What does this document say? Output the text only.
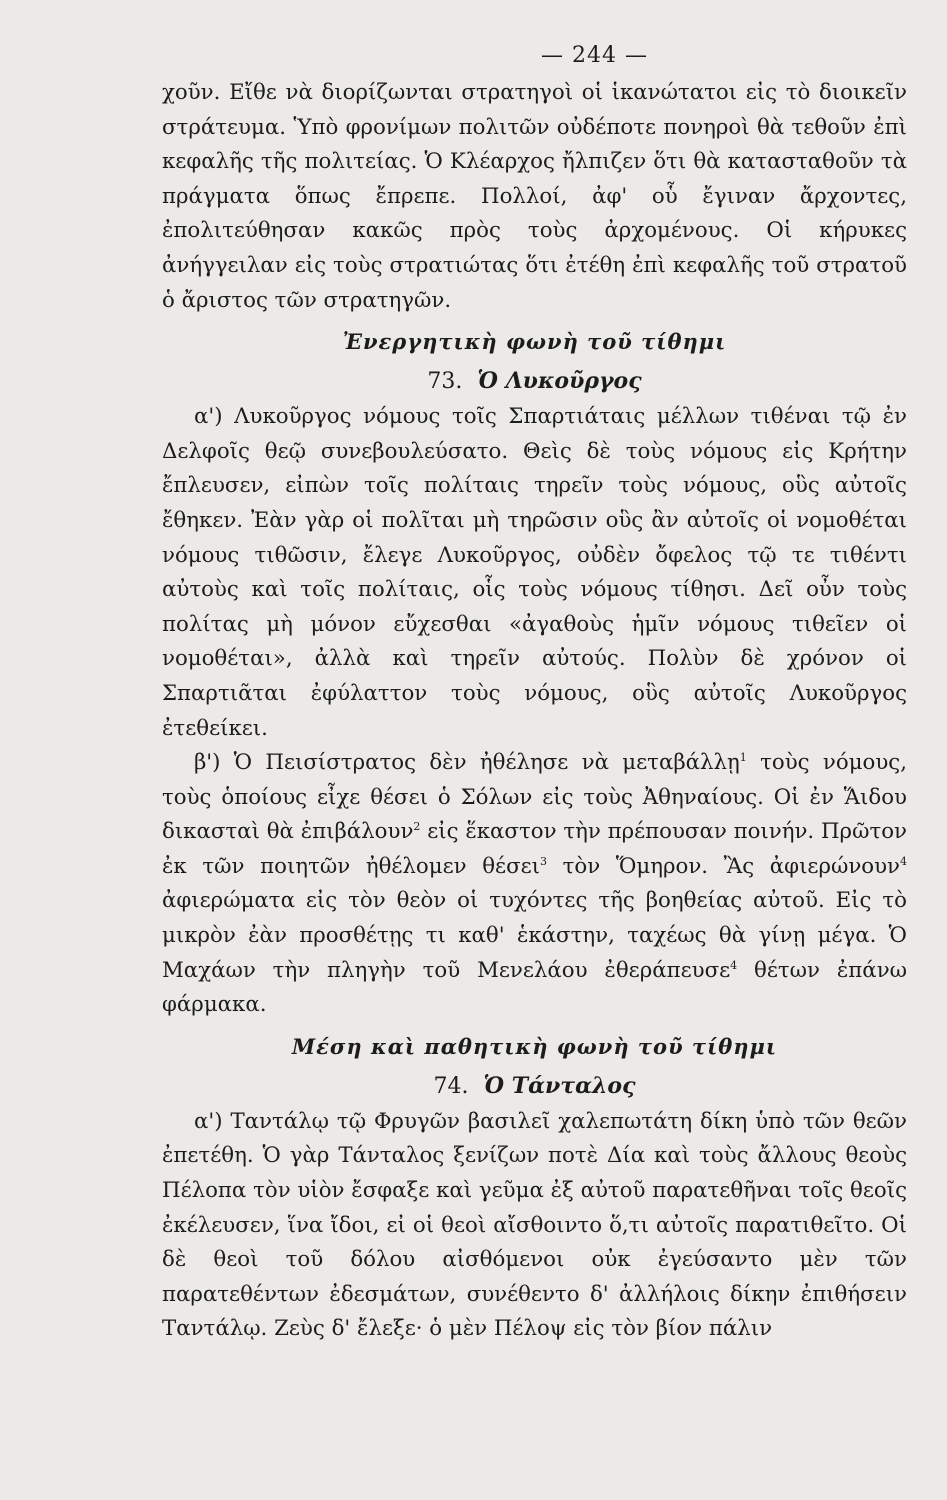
— 244 —

χοῦν. Εἴθε νὰ διορίζωνται στρατηγοὶ οἱ ἱκανώτατοι εἰς τὸ διοικεῖν στράτευμα. Ὑπὸ φρονίμων πολιτῶν οὐδέποτε πονηροὶ θὰ τεθοῦν ἐπὶ κεφαλῆς τῆς πολιτείας. Ὁ Κλέαρχος ἤλπιζεν ὅτι θὰ κατασταθοῦν τὰ πράγματα ὅπως ἔπρεπε. Πολλοί, ἀφ' οὗ ἔγιναν ἄρχοντες, ἐπολιτεύθησαν κακῶς πρὸς τοὺς ἀρχομένους. Οἱ κήρυκες ἀνήγγειλαν εἰς τοὺς στρατιώτας ὅτι ἐτέθη ἐπὶ κεφαλῆς τοῦ στρατοῦ ὁ ἄριστος τῶν στρατηγῶν.

Ἐνεργητικὴ φωνὴ τοῦ τίθημι
73. Ὁ Λυκοῦργος

α') Λυκοῦργος νόμους τοῖς Σπαρτιάταις μέλλων τιθέναι τῷ ἐν Δελφοῖς θεῷ συνεβουλεύσατο. Θεὶς δὲ τοὺς νόμους εἰς Κρήτην ἔπλευσεν, εἰπὼν τοῖς πολίταις τηρεῖν τοὺς νόμους, οὓς αὐτοῖς ἔθηκεν. Ἐὰν γὰρ οἱ πολῖται μὴ τηρῶσιν οὓς ἂν αὐτοῖς οἱ νομοθέται νόμους τιθῶσιν, ἔλεγε Λυκοῦργος, οὐδὲν ὄφελος τῷ τε τιθέντι αὐτοὺς καὶ τοῖς πολίταις, οἷς τοὺς νόμους τίθησι. Δεῖ οὖν τοὺς πολίτας μὴ μόνον εὔχεσθαι «ἀγαθοὺς ἡμῖν νόμους τιθεῖεν οἱ νομοθέται», ἀλλὰ καὶ τηρεῖν αὐτούς. Πολὺν δὲ χρόνον οἱ Σπαρτιᾶται ἐφύλαττον τοὺς νόμους, οὓς αὐτοῖς Λυκοῦργος ἐτεθείκει.

β') Ὁ Πεισίστρατος δὲν ἠθέλησε νὰ μεταβάλλῃ$^1$ τοὺς νόμους, τοὺς ὁποίους εἶχε θέσει ὁ Σόλων εἰς τοὺς Ἀθηναίους. Οἱ ἐν Ἅιδου δικασταὶ θὰ ἐπιβάλουν$^2$ εἰς ἕκαστον τὴν πρέπουσαν ποινήν. Πρῶτον ἐκ τῶν ποιητῶν ἠθέλομεν θέσει$^3$ τὸν Ὅμηρον. Ἂς ἀφιερώνουν$^4$ ἀφιερώματα εἰς τὸν θεὸν οἱ τυχόντες τῆς βοηθείας αὐτοῦ. Εἰς τὸ μικρὸν ἐὰν προσθέτῃς τι καθ' ἑκάστην, ταχέως θὰ γίνῃ μέγα. Ὁ Μαχάων τὴν πληγὴν τοῦ Μενελάου ἐθεράπευσε$^4$ θέτων ἐπάνω φάρμακα.

Μέση καὶ παθητικὴ φωνὴ τοῦ τίθημι
74. Ὁ Τάνταλος

α') Ταντάλῳ τῷ Φρυγῶν βασιλεῖ χαλεπωτάτη δίκη ὑπὸ τῶν θεῶν ἐπετέθη. Ὁ γὰρ Τάνταλος ξενίζων ποτὲ Δία καὶ τοὺς ἄλλους θεοὺς Πέλοπα τὸν υἱὸν ἔσφαξε καὶ γεῦμα ἐξ αὐτοῦ παρατεθῆναι τοῖς θεοῖς ἐκέλευσεν, ἵνα ἴδοι, εἰ οἱ θεοὶ αἴσθοιντο ὅ,τι αὐτοῖς παρατιθεῖτο. Οἱ δὲ θεοὶ τοῦ δόλου αἰσθόμενοι οὐκ ἐγεύσαντο μὲν τῶν παρατεθέντων ἐδεσμάτων, συνέθεντο δ' ἀλλήλοις δίκην ἐπιθήσειν Ταντάλῳ. Ζεὺς δ' ἔλεξε· ὁ μὲν Πέλοψ εἰς τὸν βίον πάλιν
